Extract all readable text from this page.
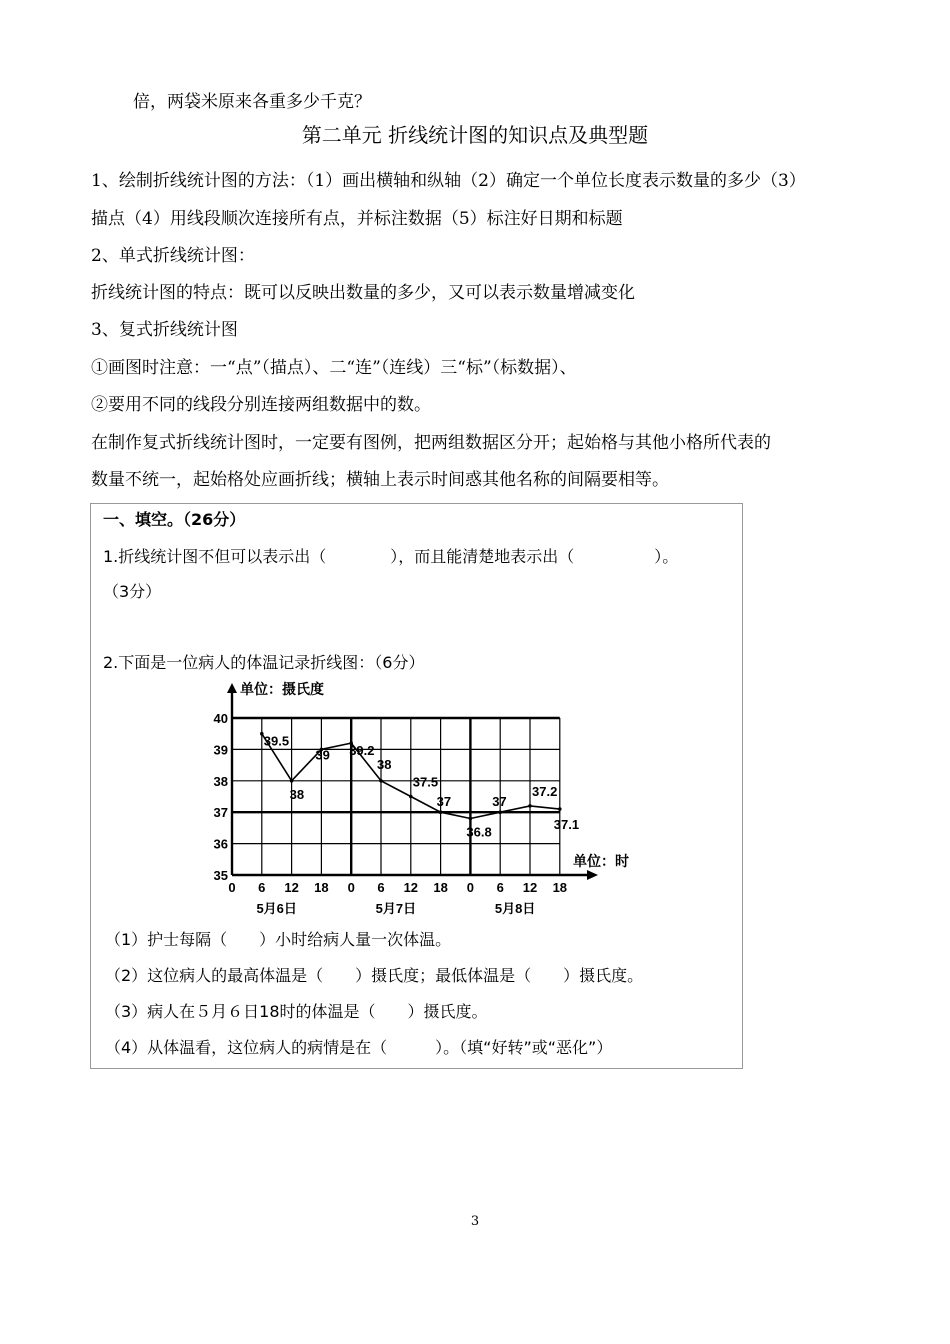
倍，两袋米原来各重多少千克？
第二单元 折线统计图的知识点及典型题
1、绘制折线统计图的方法：（1）画出横轴和纵轴（2）确定一个单位长度表示数量的多少（3）
描点（4）用线段顺次连接所有点，并标注数据（5）标注好日期和标题
2、单式折线统计图：
折线统计图的特点：既可以反映出数量的多少，又可以表示数量增减变化
3、复式折线统计图
①画图时注意：一“点”（描点）、二“连”（连线）三“标”（标数据）、
②要用不同的线段分别连接两组数据中的数。
在制作复式折线统计图时，一定要有图例，把两组数据区分开；起始格与其他小格所代表的
数量不统一，起始格处应画折线；横轴上表示时间惑其他名称的间隔要相等。
一、填空。（26分）
1.折线统计图不但可以表示出（　　　　），而且能清楚地表示出（　　　　　）。
（3分）
2.下面是一位病人的体温记录折线图：（6分）
（1）护士每隔（　　）小时给病人量一次体温。
（2）这位病人的最高体温是（　　）摄氏度；最低体温是（　　）摄氏度。
（3）病人在５月６日18时的体温是（　　）摄氏度。
（4）从体温看，这位病人的病情是在（　　　）。（填“好转”或“恶化”）
单位：摄氏度
单位：时
35
36
37
38
39
40
0 6 12 18 0 6 12 18 0 6 12 18
5月6日	5月7日	5月8日
39.5
38
39 39.2
38
37.5
37
36.8
37
37.2
37.1
3
